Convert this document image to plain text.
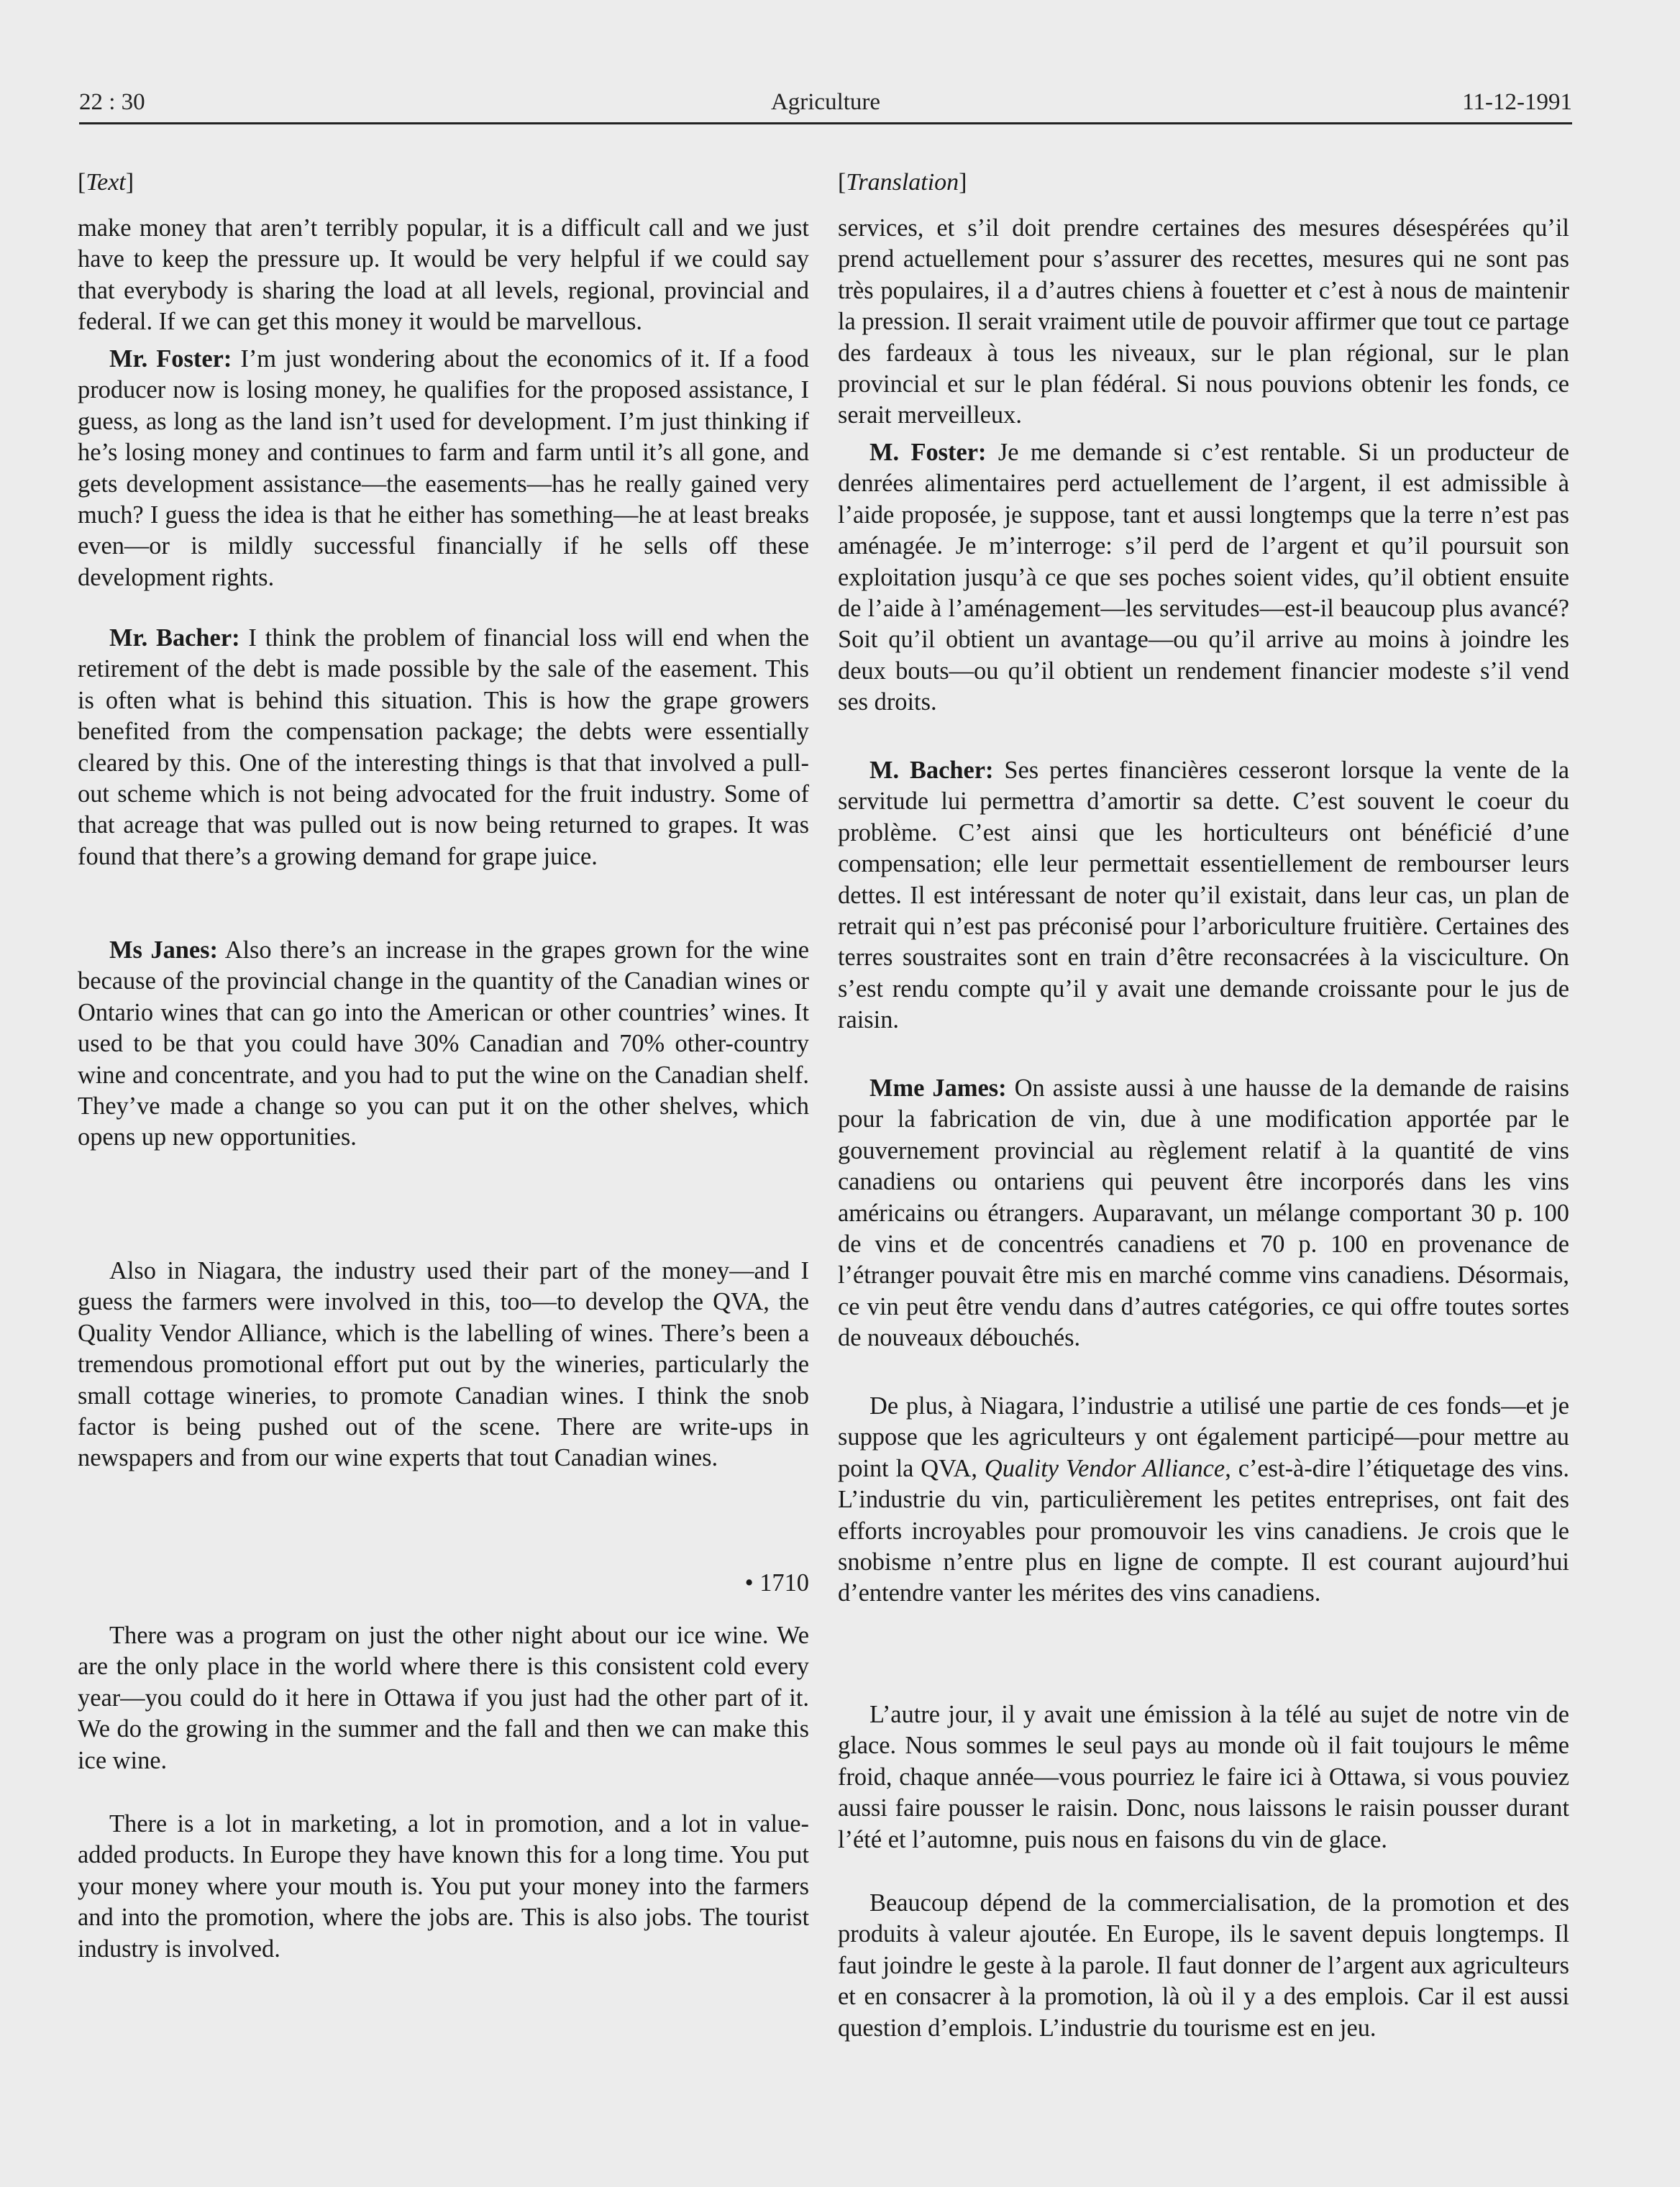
22 : 30	Agriculture	11-12-1991
[Text]

make money that aren’t terribly popular, it is a difficult call and we just have to keep the pressure up. It would be very helpful if we could say that everybody is sharing the load at all levels, regional, provincial and federal. If we can get this money it would be marvellous.

Mr. Foster: I’m just wondering about the economics of it. If a food producer now is losing money, he qualifies for the proposed assistance, I guess, as long as the land isn’t used for development. I’m just thinking if he’s losing money and continues to farm and farm until it’s all gone, and gets development assistance—the easements—has he really gained very much? I guess the idea is that he either has something—he at least breaks even—or is mildly successful financially if he sells off these development rights.

Mr. Bacher: I think the problem of financial loss will end when the retirement of the debt is made possible by the sale of the easement. This is often what is behind this situation. This is how the grape growers benefited from the compensation package; the debts were essentially cleared by this. One of the interesting things is that that involved a pull-out scheme which is not being advocated for the fruit industry. Some of that acreage that was pulled out is now being returned to grapes. It was found that there’s a growing demand for grape juice.

Ms Janes: Also there’s an increase in the grapes grown for the wine because of the provincial change in the quantity of the Canadian wines or Ontario wines that can go into the American or other countries’ wines. It used to be that you could have 30% Canadian and 70% other-country wine and concentrate, and you had to put the wine on the Canadian shelf. They’ve made a change so you can put it on the other shelves, which opens up new opportunities.

Also in Niagara, the industry used their part of the money—and I guess the farmers were involved in this, too—to develop the QVA, the Quality Vendor Alliance, which is the labelling of wines. There’s been a tremendous promotional effort put out by the wineries, particularly the small cottage wineries, to promote Canadian wines. I think the snob factor is being pushed out of the scene. There are write-ups in newspapers and from our wine experts that tout Canadian wines.

• 1710

There was a program on just the other night about our ice wine. We are the only place in the world where there is this consistent cold every year—you could do it here in Ottawa if you just had the other part of it. We do the growing in the summer and the fall and then we can make this ice wine.

There is a lot in marketing, a lot in promotion, and a lot in value-added products. In Europe they have known this for a long time. You put your money where your mouth is. You put your money into the farmers and into the promotion, where the jobs are. This is also jobs. The tourist industry is involved.

[Translation]

services, et s’il doit prendre certaines des mesures désespérées qu’il prend actuellement pour s’assurer des recettes, mesures qui ne sont pas très populaires, il a d’autres chiens à fouetter et c’est à nous de maintenir la pression. Il serait vraiment utile de pouvoir affirmer que tout ce partage des fardeaux à tous les niveaux, sur le plan régional, sur le plan provincial et sur le plan fédéral. Si nous pouvions obtenir les fonds, ce serait merveilleux.

M. Foster: Je me demande si c’est rentable. Si un producteur de denrées alimentaires perd actuellement de l’argent, il est admissible à l’aide proposée, je suppose, tant et aussi longtemps que la terre n’est pas aménagée. Je m’interroge: s’il perd de l’argent et qu’il poursuit son exploitation jusqu’à ce que ses poches soient vides, qu’il obtient ensuite de l’aide à l’aménagement—les servitudes—est-il beaucoup plus avancé? Soit qu’il obtient un avantage—ou qu’il arrive au moins à joindre les deux bouts—ou qu’il obtient un rendement financier modeste s’il vend ses droits.

M. Bacher: Ses pertes financières cesseront lorsque la vente de la servitude lui permettra d’amortir sa dette. C’est souvent le coeur du problème. C’est ainsi que les horticulteurs ont bénéficié d’une compensation; elle leur permettait essentiellement de rembourser leurs dettes. Il est intéressant de noter qu’il existait, dans leur cas, un plan de retrait qui n’est pas préconisé pour l’arboriculture fruitière. Certaines des terres soustraites sont en train d’être reconsacrées à la visciculture. On s’est rendu compte qu’il y avait une demande croissante pour le jus de raisin.

Mme James: On assiste aussi à une hausse de la demande de raisins pour la fabrication de vin, due à une modification apportée par le gouvernement provincial au règlement relatif à la quantité de vins canadiens ou ontariens qui peuvent être incorporés dans les vins américains ou étrangers. Auparavant, un mélange comportant 30 p. 100 de vins et de concentrés canadiens et 70 p. 100 en provenance de l’étranger pouvait être mis en marché comme vins canadiens. Désormais, ce vin peut être vendu dans d’autres catégories, ce qui offre toutes sortes de nouveaux débouchés.

De plus, à Niagara, l’industrie a utilisé une partie de ces fonds—et je suppose que les agriculteurs y ont également participé—pour mettre au point la QVA, Quality Vendor Alliance, c’est-à-dire l’étiquetage des vins. L’industrie du vin, particulièrement les petites entreprises, ont fait des efforts incroyables pour promouvoir les vins canadiens. Je crois que le snobisme n’entre plus en ligne de compte. Il est courant aujourd’hui d’entendre vanter les mérites des vins canadiens.

L’autre jour, il y avait une émission à la télé au sujet de notre vin de glace. Nous sommes le seul pays au monde où il fait toujours le même froid, chaque année—vous pourriez le faire ici à Ottawa, si vous pouviez aussi faire pousser le raisin. Donc, nous laissons le raisin pousser durant l’été et l’automne, puis nous en faisons du vin de glace.

Beaucoup dépend de la commercialisation, de la promotion et des produits à valeur ajoutée. En Europe, ils le savent depuis longtemps. Il faut joindre le geste à la parole. Il faut donner de l’argent aux agriculteurs et en consacrer à la promotion, là où il y a des emplois. Car il est aussi question d’emplois. L’industrie du tourisme est en jeu.
